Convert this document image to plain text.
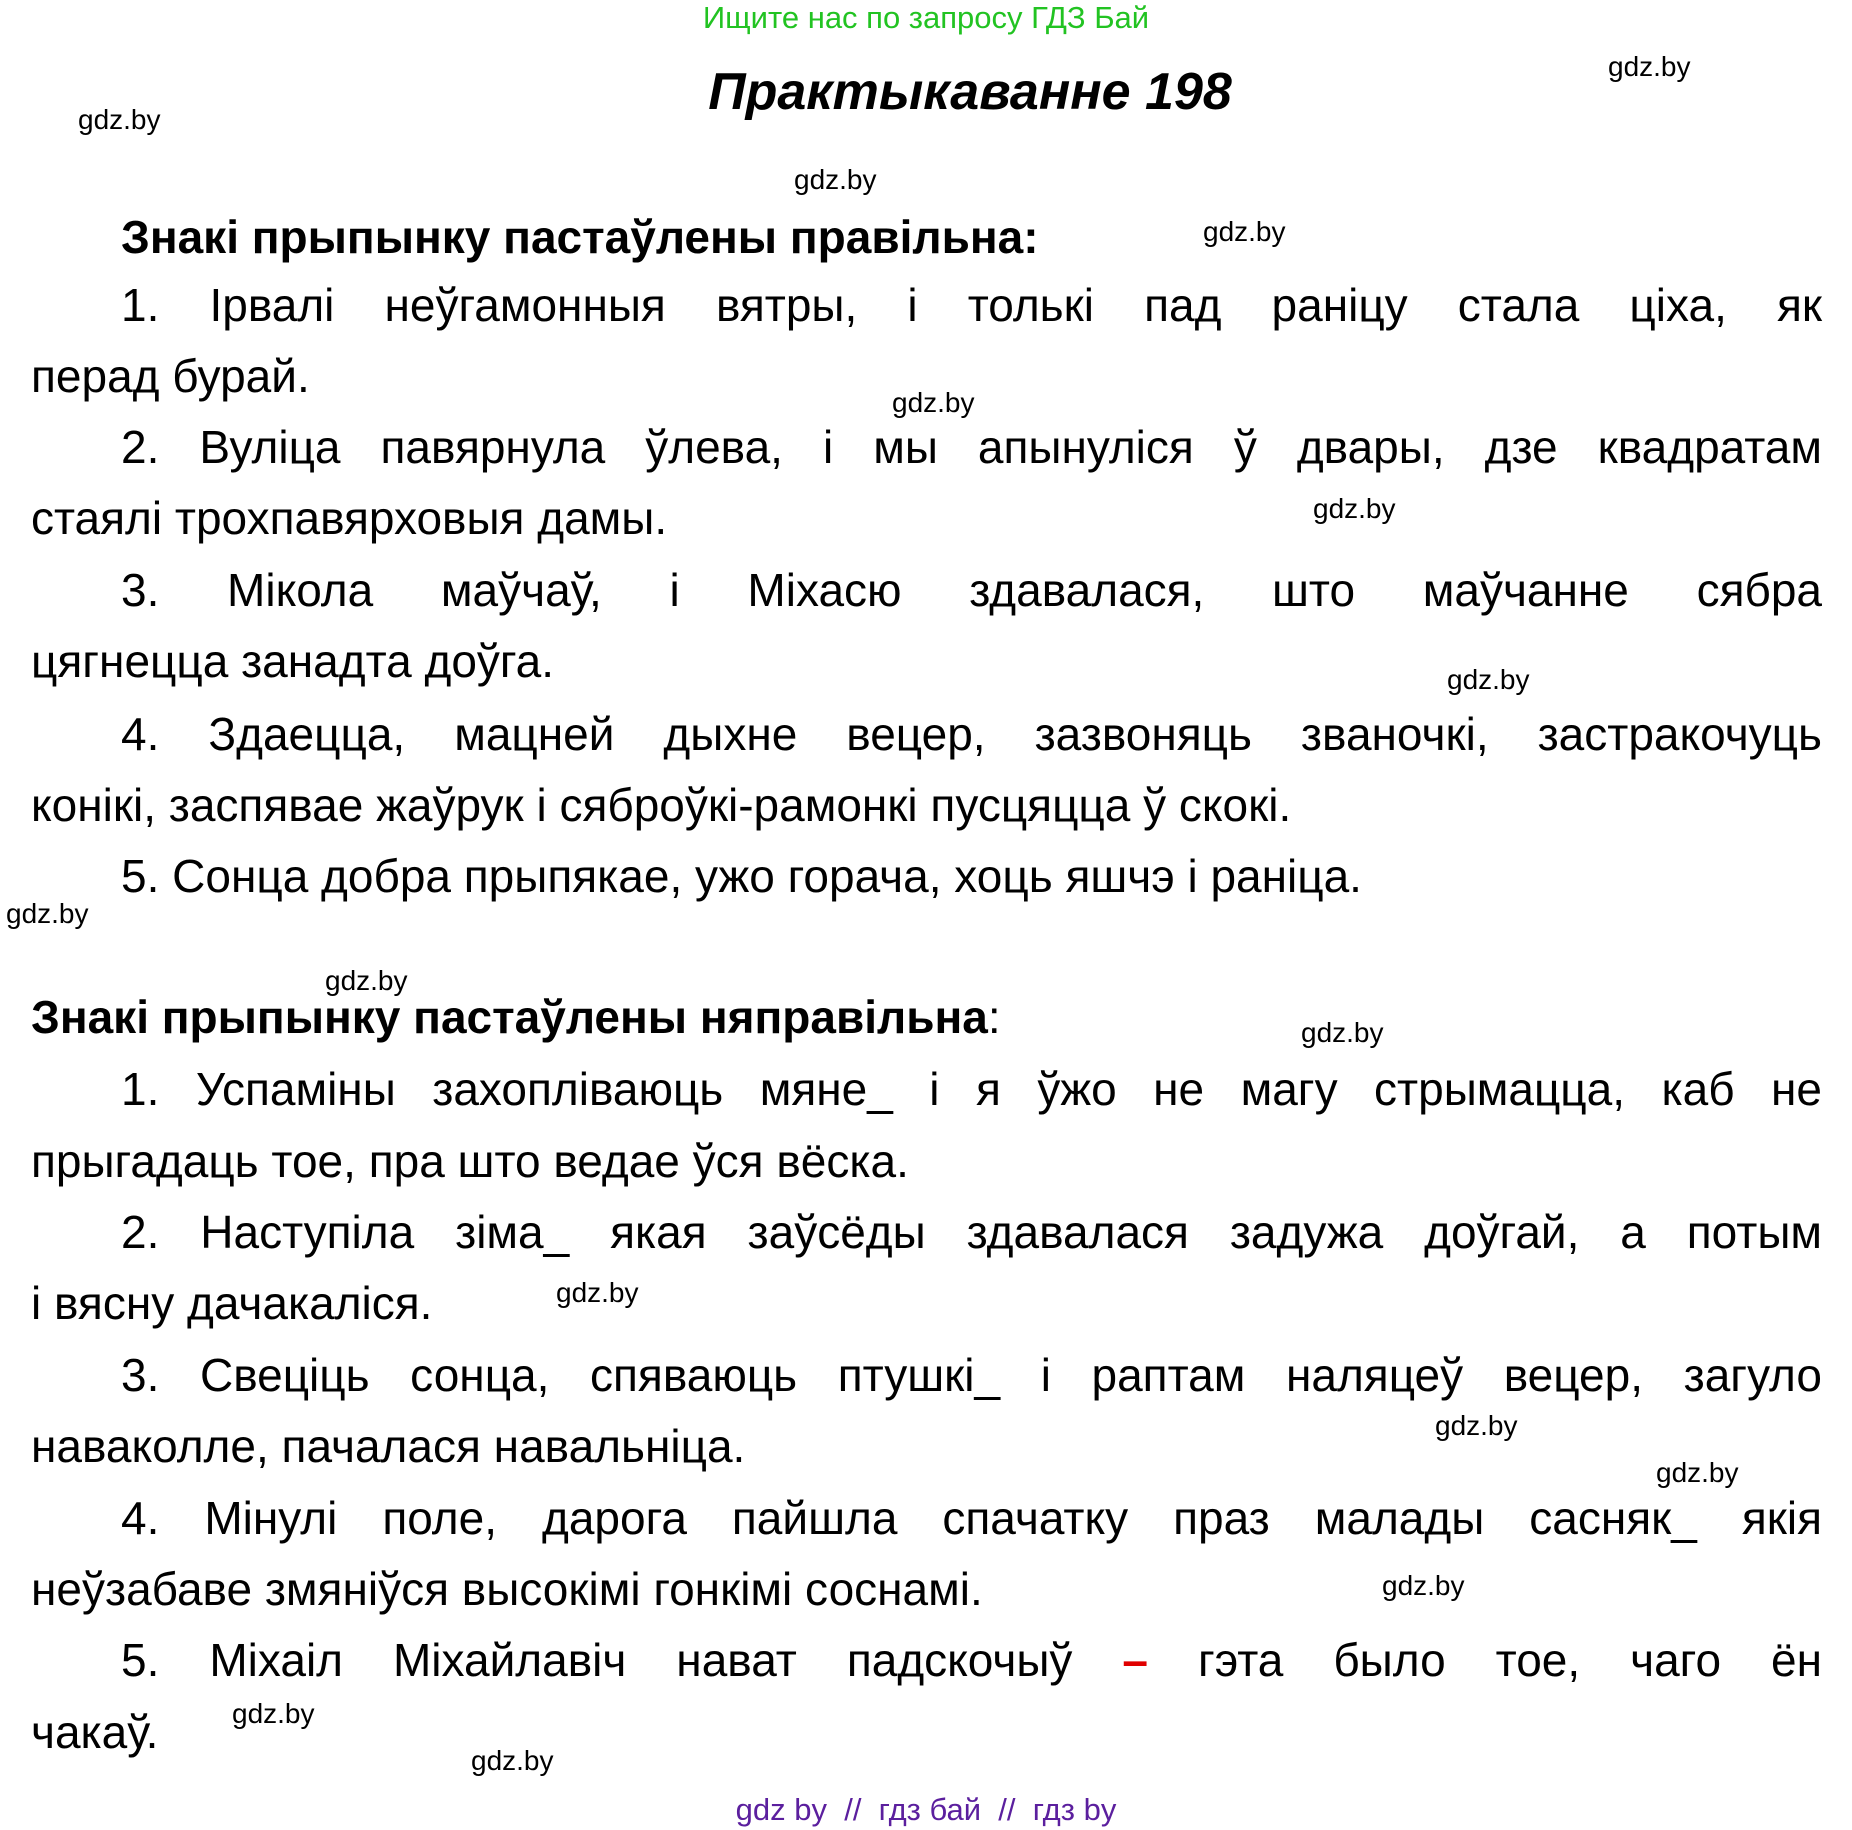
Ищите нас по запросу ГДЗ Бай
Практыкаванне 198
Знакі прыпынку пастаўлены правільна:
1. Ірвалі неўгамонныя вятры, і толькі пад раніцу стала ціха, як
перад бурай.
2. Вуліца павярнула ўлева, і мы апынуліся ў двары, дзе квадратам
стаялі трохпавярховыя дамы.
3. Мікола маўчаў, і Міхасю здавалася, што маўчанне сябра
цягнецца занадта доўга.
4. Здаецца, мацней дыхне вецер, зазвоняць званочкі, застракочуць
конікі, заспявае жаўрук і сяброўкі-рамонкі пусцяцца ў скокі.
5. Сонца добра прыпякае, ужо горача, хоць яшчэ і раніца.
Знакі прыпынку пастаўлены няправільна:
1. Успаміны захопліваюць мяне_ і я ўжо не магу стрымацца, каб не
прыгадаць тое, пра што ведае ўся вёска.
2. Наступіла зіма_ якая заўсёды здавалася задужа доўгай, а потым
і вясну дачакаліся.
3. Свеціць сонца, спяваюць птушкі_ і раптам наляцеў вецер, загуло
наваколле, пачалася навальніца.
4. Мінулі поле, дарога пайшла спачатку праз малады сасняк_ якія
неўзабаве змяніўся высокімі гонкімі соснамі.
5. Міхаіл Міхайлавіч нават падскочыў – гэта было тое, чаго ён
чакаў.
gdz.by
gdz.by
gdz.by
gdz.by
gdz.by
gdz.by
gdz.by
gdz.by
gdz.by
gdz.by
gdz.by
gdz.by
gdz.by
gdz.by
gdz.by
gdz.by
gdz by  //  гдз бай  //  гдз by
